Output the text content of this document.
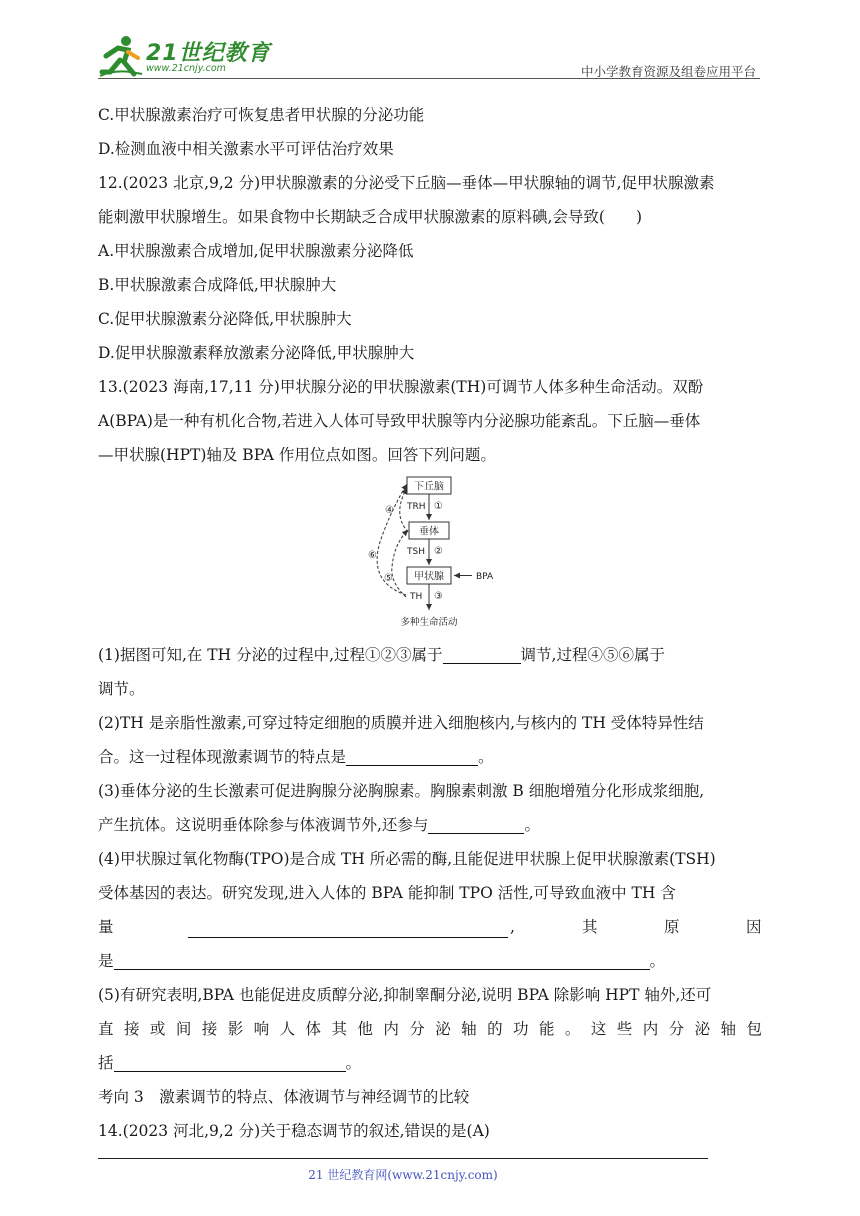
21世纪教育
www.21cnjy.com	中小学教育资源及组卷应用平台
C.甲状腺激素治疗可恢复患者甲状腺的分泌功能
D.检测血液中相关激素水平可评估治疗效果
12.(2023 北京,9,2 分)甲状腺激素的分泌受下丘脑—垂体—甲状腺轴的调节,促甲状腺激素
能刺激甲状腺增生。如果食物中长期缺乏合成甲状腺激素的原料碘,会导致(　　)
A.甲状腺激素合成增加,促甲状腺激素分泌降低
B.甲状腺激素合成降低,甲状腺肿大
C.促甲状腺激素分泌降低,甲状腺肿大
D.促甲状腺激素释放激素分泌降低,甲状腺肿大
13.(2023 海南,17,11 分)甲状腺分泌的甲状腺激素(TH)可调节人体多种生命活动。双酚
A(BPA)是一种有机化合物,若进入人体可导致甲状腺等内分泌腺功能紊乱。下丘脑—垂体
—甲状腺(HPT)轴及 BPA 作用位点如图。回答下列问题。
下丘脑
TRH ①
垂体
TSH ②
甲状腺	BPA
TH ③
多种生命活动
④
⑥
⑤
(1)据图可知,在 TH 分泌的过程中,过程①②③属于	调节,过程④⑤⑥属于
调节。
(2)TH 是亲脂性激素,可穿过特定细胞的质膜并进入细胞核内,与核内的 TH 受体特异性结
合。这一过程体现激素调节的特点是	。
(3)垂体分泌的生长激素可促进胸腺分泌胸腺素。胸腺素刺激 B 细胞增殖分化形成浆细胞,
产生抗体。这说明垂体除参与体液调节外,还参与	。
(4)甲状腺过氧化物酶(TPO)是合成 TH 所必需的酶,且能促进甲状腺上促甲状腺激素(TSH)
受体基因的表达。研究发现,进入人体的 BPA 能抑制 TPO 活性,可导致血液中 TH 含
量	,	其	原	因
是	。
(5)有研究表明,BPA 也能促进皮质醇分泌,抑制睾酮分泌,说明 BPA 除影响 HPT 轴外,还可
直接或间接影响人体其他内分泌轴的功能。这些内分泌轴包
括	。
考向 3　激素调节的特点、体液调节与神经调节的比较
14.(2023 河北,9,2 分)关于稳态调节的叙述,错误的是(A)
21 世纪教育网(www.21cnjy.com)
